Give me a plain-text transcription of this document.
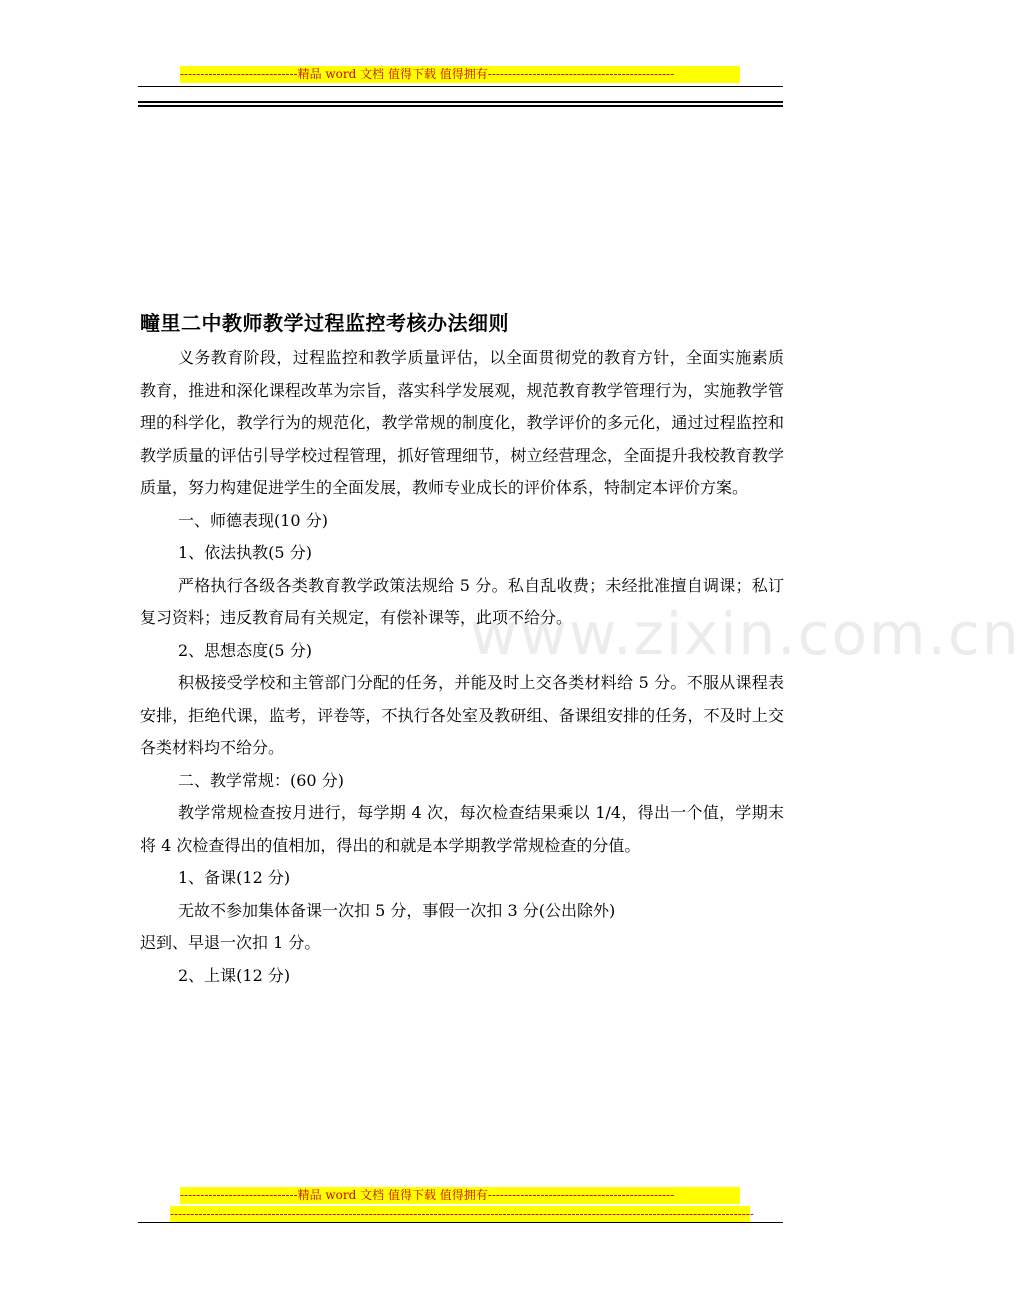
-----------------------------精品 word 文档 值得下载 值得拥有----------------------------------------------
www.zixin.com.cn
疃里二中教师教学过程监控考核办法细则

义务教育阶段，过程监控和教学质量评估，以全面贯彻党的教育方针，全面实施素质教育，推进和深化课程改革为宗旨，落实科学发展观，规范教育教学管理行为，实施教学管理的科学化，教学行为的规范化，教学常规的制度化，教学评价的多元化，通过过程监控和教学质量的评估引导学校过程管理，抓好管理细节，树立经营理念，全面提升我校教育教学质量，努力构建促进学生的全面发展，教师专业成长的评价体系，特制定本评价方案。

一、师德表现(10 分)

1、依法执教(5 分)

严格执行各级各类教育教学政策法规给 5 分。私自乱收费；未经批准擅自调课；私订复习资料；违反教育局有关规定，有偿补课等，此项不给分。

2、思想态度(5 分)

积极接受学校和主管部门分配的任务，并能及时上交各类材料给 5 分。不服从课程表安排，拒绝代课，监考，评卷等，不执行各处室及教研组、备课组安排的任务，不及时上交各类材料均不给分。

二、教学常规：(60 分)

教学常规检查按月进行，每学期 4 次，每次检查结果乘以 1/4，得出一个值，学期末将 4 次检查得出的值相加，得出的和就是本学期教学常规检查的分值。

1、备课(12 分)

无故不参加集体备课一次扣 5 分，事假一次扣 3 分(公出除外)

迟到、早退一次扣 1 分。

2、上课(12 分)

-----------------------------精品 word 文档 值得下载 值得拥有----------------------------------------------
------------------------------------------------------------------------------------------------------------------------------------------------
